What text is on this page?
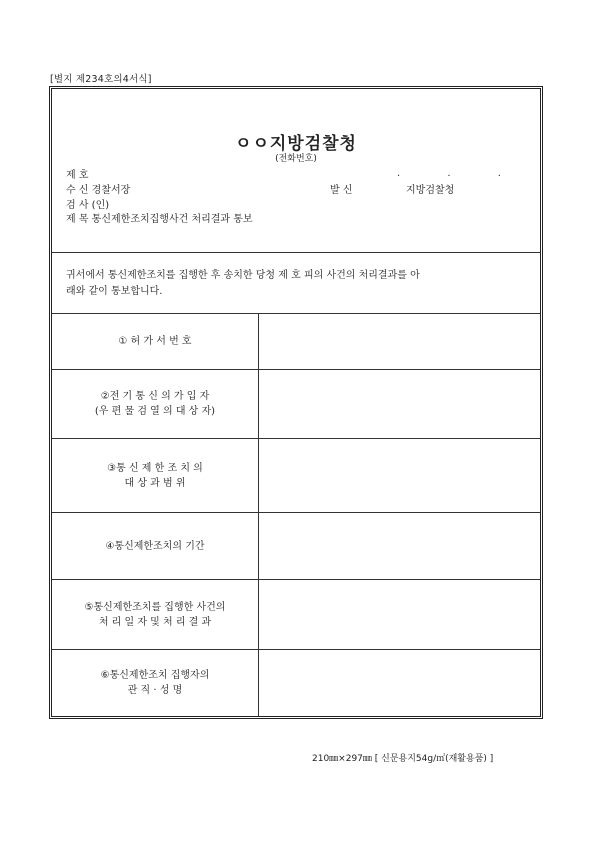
[별지 제234호의4서식]
ㅇㅇ지방검찰청
(전화번호)
제 호	. . .
수 신 경찰서장	발 신	지방검찰청
검 사 (인)
제 목 통신제한조치집행사건 처리결과 통보
귀서에서 통신제한조치를 집행한 후 송치한 당청 제 호 피의 사건의 처리결과를 아
래와 같이 통보합니다.
① 허 가 서 번 호
②전 기 통 신 의 가 입 자
(우 편 물 검 열 의 대 상 자)
③통 신 제 한 조 치 의
대 상 과 범 위
④통신제한조치의 기간
⑤통신제한조치를 집행한 사건의
처 리 일 자 및 처 리 결 과
⑥통신제한조치 집행자의
관 직 · 성 명
210㎜×297㎜ [ 신문용지54g/㎡(재활용품) ]
